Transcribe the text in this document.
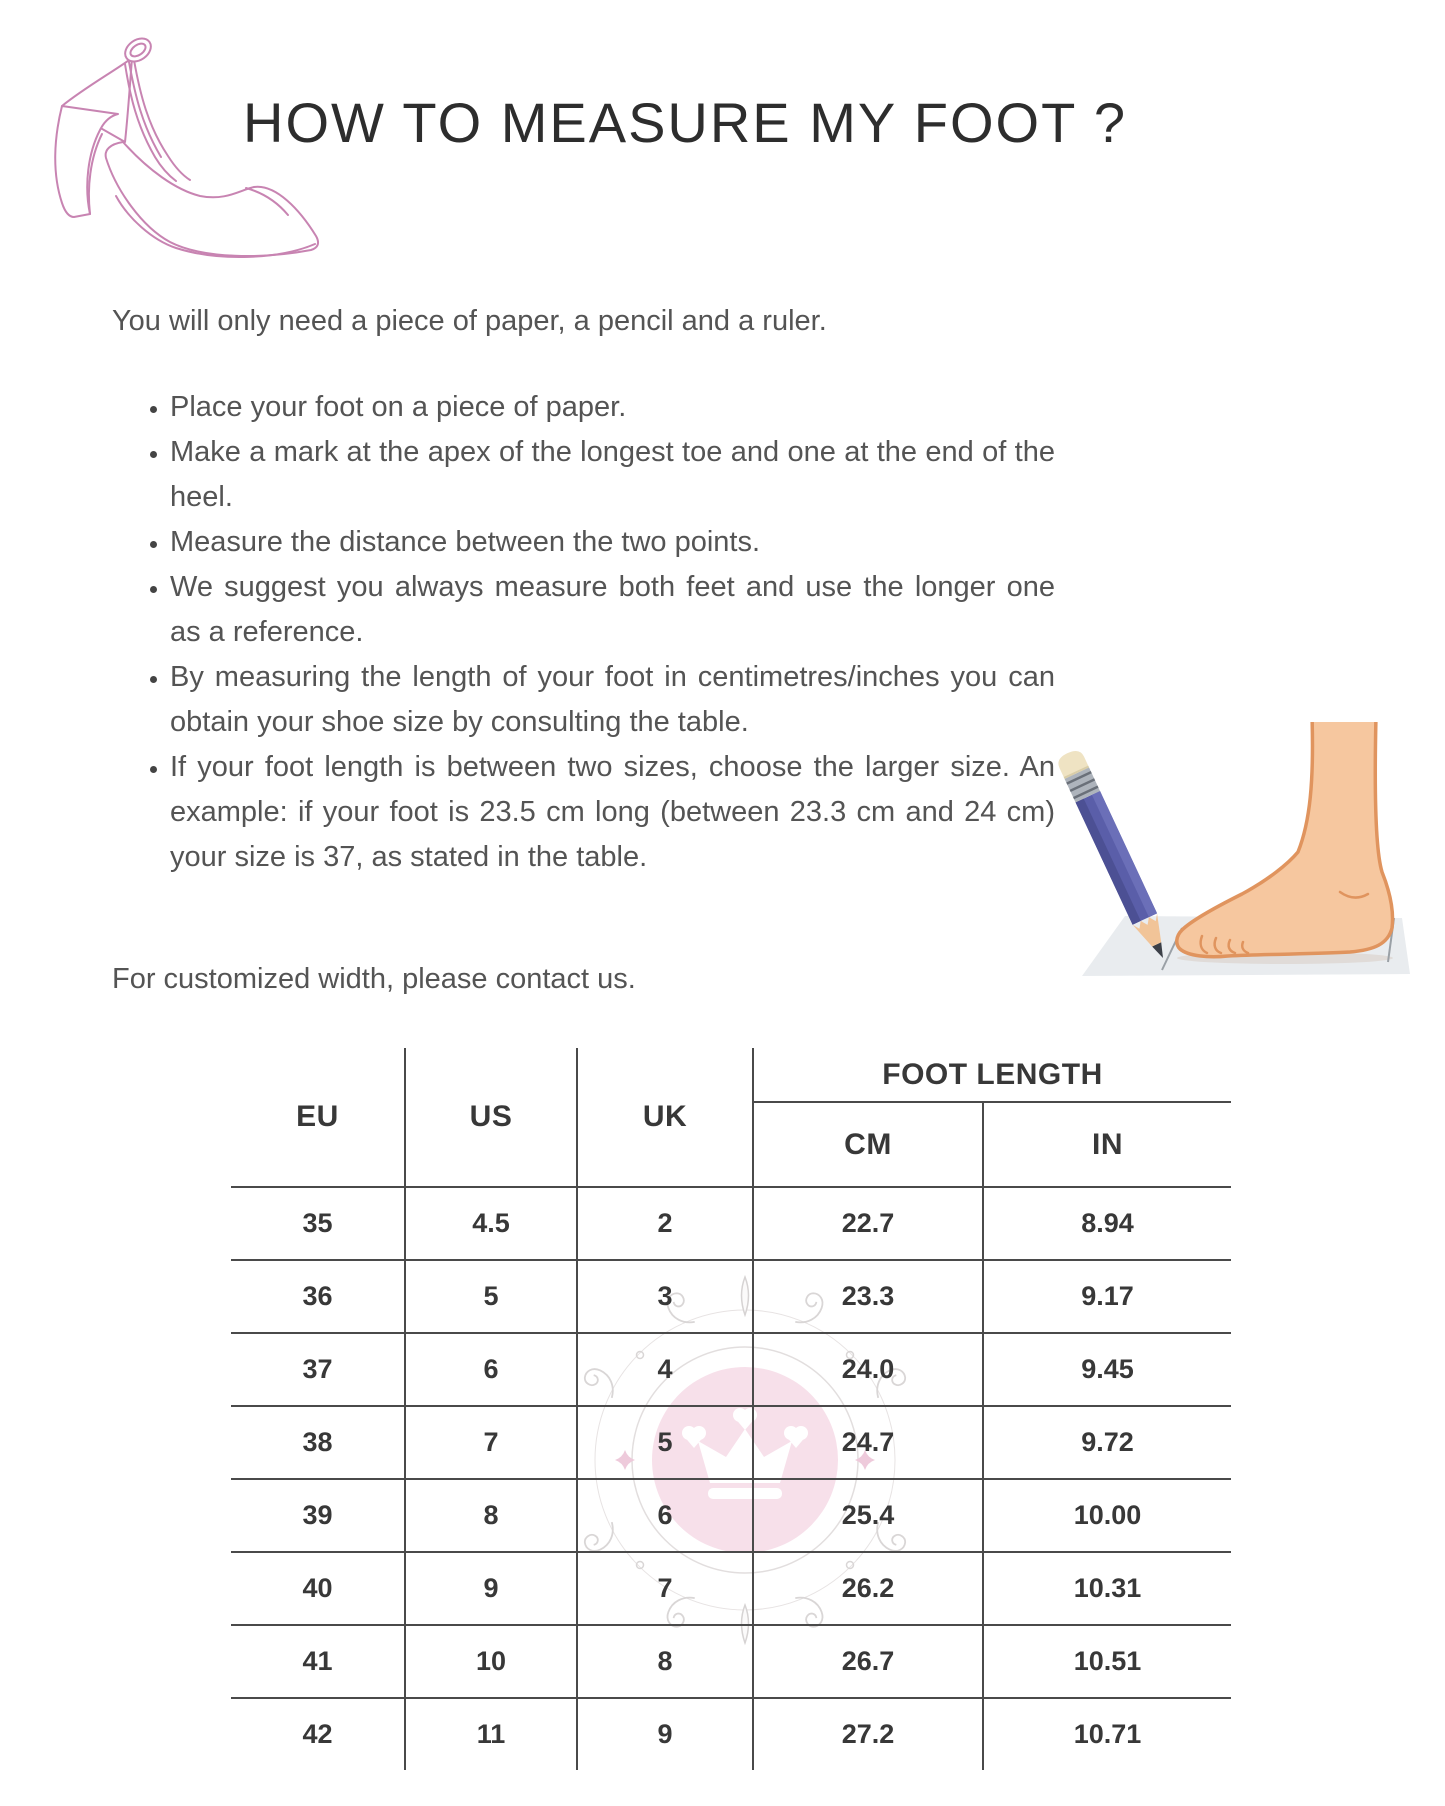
HOW TO MEASURE MY FOOT ?
You will only need a piece of paper, a pencil and a ruler.
• Place your foot on a piece of paper.
• Make a mark at the apex of the longest toe and one at the end of the heel.
• Measure the distance between the two points.
• We suggest you always measure both feet and use the longer one as a reference.
• By measuring the length of your foot in centimetres/inches you can obtain your shoe size by consulting the table.
• If your foot length is between two sizes, choose the larger size. An example: if your foot is 23.5 cm long (between 23.3 cm and 24 cm) your size is 37, as stated in the table.
For customized width, please contact us.
EU	US	UK	FOOT LENGTH	
			CM	IN
35	4.5	2	22.7	8.94
36	5	3	23.3	9.17
37	6	4	24.0	9.45
38	7	5	24.7	9.72
39	8	6	25.4	10.00
40	9	7	26.2	10.31
41	10	8	26.7	10.51
42	11	9	27.2	10.71
